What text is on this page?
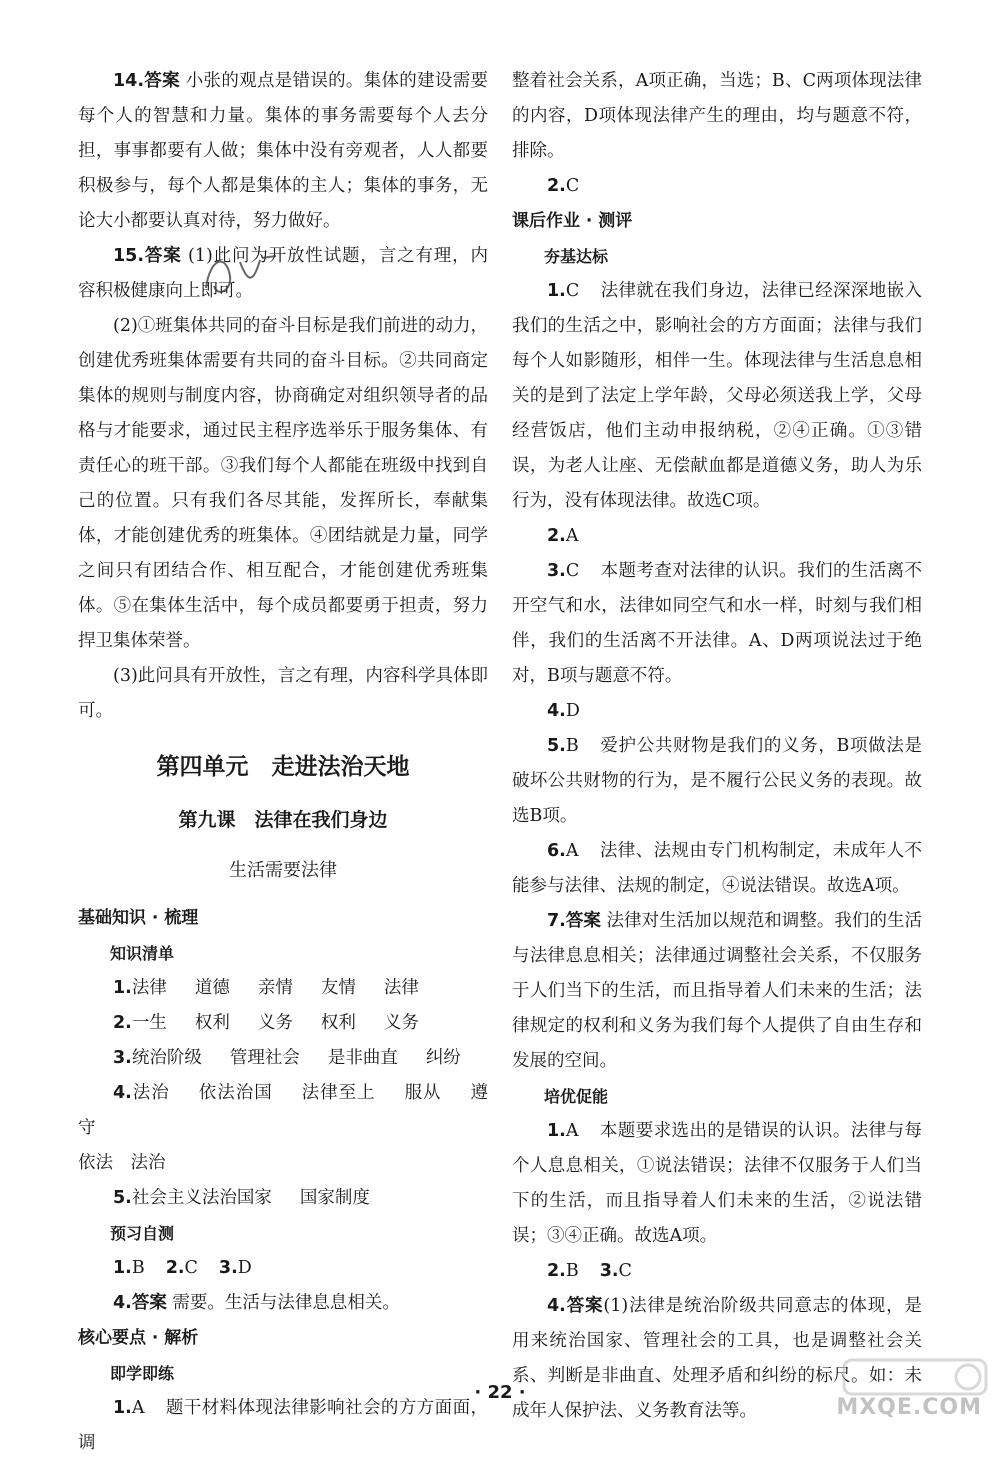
14.答案 小张的观点是错误的。集体的建设需要每个人的智慧和力量。集体的事务需要每个人去分担，事事都要有人做；集体中没有旁观者，人人都要积极参与，每个人都是集体的主人；集体的事务，无论大小都要认真对待，努力做好。

15.答案 (1)此问为开放性试题，言之有理，内容积极健康向上即可。

(2)①班集体共同的奋斗目标是我们前进的动力，创建优秀班集体需要有共同的奋斗目标。②共同商定集体的规则与制度内容，协商确定对组织领导者的品格与才能要求，通过民主程序选举乐于服务集体、有责任心的班干部。③我们每个人都能在班级中找到自己的位置。只有我们各尽其能，发挥所长，奉献集体，才能创建优秀的班集体。④团结就是力量，同学之间只有团结合作、相互配合，才能创建优秀班集体。⑤在集体生活中，每个成员都要勇于担责，努力捍卫集体荣誉。

(3)此问具有开放性，言之有理，内容科学具体即可。

第四单元　走进法治天地
第九课　法律在我们身边
生活需要法律

基础知识 · 梳理

知识清单

1.法律 道德 亲情 友情 法律

2.一生 权利 义务 权利 义务

3.统治阶级 管理社会 是非曲直 纠纷

4.法治 依法治国 法律至上 服从 遵守

依法　法治

5.社会主义法治国家 国家制度

预习自测

1.B 2.C 3.D

4.答案 需要。生活与法律息息相关。

核心要点 · 解析

即学即练

1.A 题干材料体现法律影响社会的方方面面，调

整着社会关系，A项正确，当选；B、C两项体现法律的内容，D项体现法律产生的理由，均与题意不符，排除。

2.C

课后作业 · 测评

夯基达标

1.C 法律就在我们身边，法律已经深深地嵌入我们的生活之中，影响社会的方方面面；法律与我们每个人如影随形，相伴一生。体现法律与生活息息相关的是到了法定上学年龄，父母必须送我上学，父母经营饭店，他们主动申报纳税，②④正确。①③错误，为老人让座、无偿献血都是道德义务，助人为乐行为，没有体现法律。故选C项。

2.A

3.C 本题考查对法律的认识。我们的生活离不开空气和水，法律如同空气和水一样，时刻与我们相伴，我们的生活离不开法律。A、D两项说法过于绝对，B项与题意不符。

4.D

5.B 爱护公共财物是我们的义务，B项做法是破坏公共财物的行为，是不履行公民义务的表现。故选B项。

6.A 法律、法规由专门机构制定，未成年人不能参与法律、法规的制定，④说法错误。故选A项。

7.答案 法律对生活加以规范和调整。我们的生活与法律息息相关；法律通过调整社会关系，不仅服务于人们当下的生活，而且指导着人们未来的生活；法律规定的权利和义务为我们每个人提供了自由生存和发展的空间。

培优促能

1.A 本题要求选出的是错误的认识。法律与每个人息息相关，①说法错误；法律不仅服务于人们当下的生活，而且指导着人们未来的生活，②说法错误；③④正确。故选A项。

2.B 3.C

4.答案(1)法律是统治阶级共同意志的体现，是用来统治国家、管理社会的工具，也是调整社会关系、判断是非曲直、处理矛盾和纠纷的标尺。如：未成年人保护法、义务教育法等。	MXQE.COM
· 22 ·
